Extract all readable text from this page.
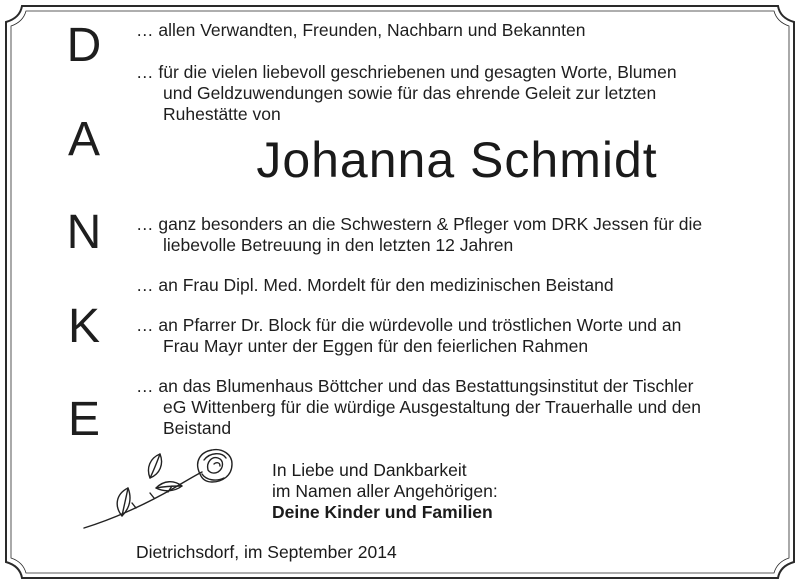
D
A
N
K
E
… allen Verwandten, Freunden, Nachbarn und Bekannten
… für die vielen liebevoll geschriebenen und gesagten Worte, Blumen
und Geldzuwendungen sowie für das ehrende Geleit zur letzten
Ruhestätte von
Johanna Schmidt
… ganz besonders an die Schwestern & Pfleger vom DRK Jessen für die
liebevolle Betreuung in den letzten 12 Jahren
… an Frau Dipl. Med. Mordelt für den medizinischen Beistand
… an Pfarrer Dr. Block für die würdevolle und tröstlichen Worte und an
Frau Mayr unter der Eggen für den feierlichen Rahmen
… an das Blumenhaus Böttcher und das Bestattungsinstitut der Tischler
eG Wittenberg für die würdige Ausgestaltung der Trauerhalle und den
Beistand
In Liebe und Dankbarkeit
im Namen aller Angehörigen:
Deine Kinder und Familien
Dietrichsdorf, im September 2014
